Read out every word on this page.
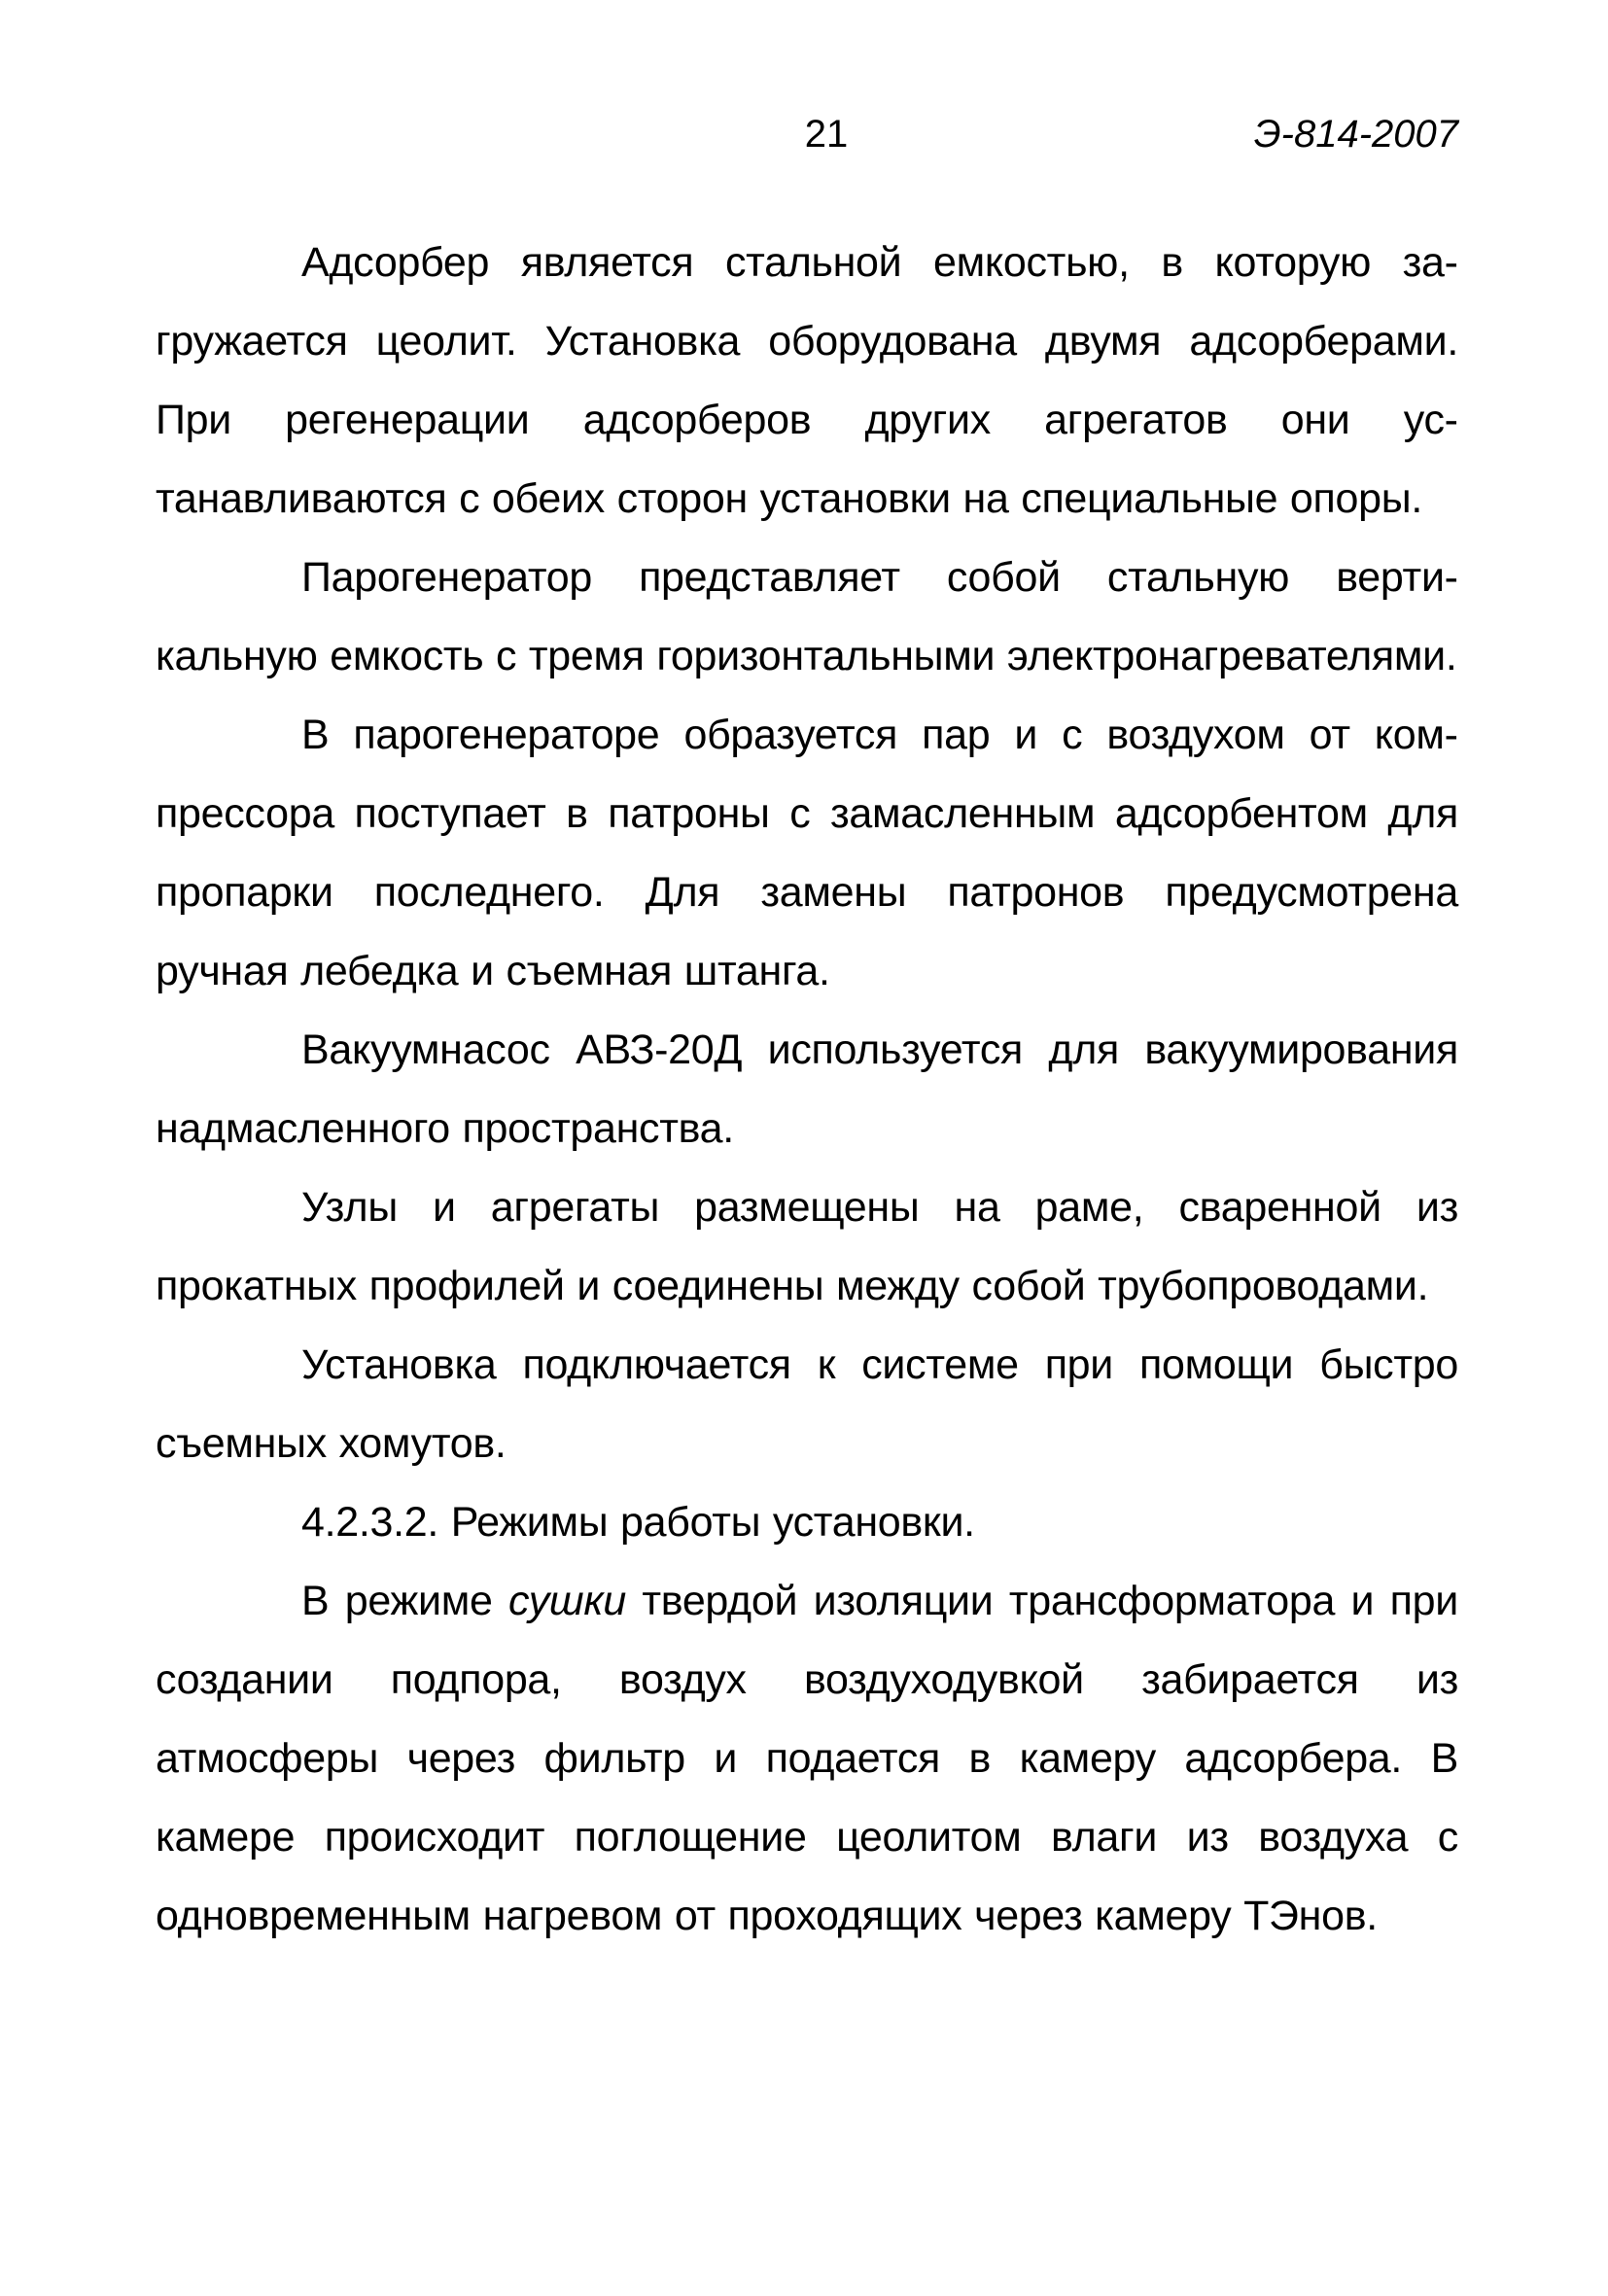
21	Э-814-2007

Адсорбер является стальной емкостью, в которую загружается цеолит. Установка оборудована двумя адсорберами. При регенерации адсорберов других агрегатов они устанавливаются с обеих сторон установки на специальные опоры.

Парогенератор представляет собой стальную вертикальную емкость с тремя горизонтальными электронагревателями.

В парогенераторе образуется пар и с воздухом от компрессора поступает в патроны с замасленным адсорбентом для пропарки последнего. Для замены патронов предусмотрена ручная лебедка и съемная штанга.

Вакуумнасос АВЗ-20Д используется для вакуумирования надмасленного пространства.

Узлы и агрегаты размещены на раме, сваренной из прокатных профилей и соединены между собой трубопроводами.

Установка подключается к системе при помощи быстро съемных хомутов.

4.2.3.2. Режимы работы установки.

В режиме сушки твердой изоляции трансформатора и при создании подпора, воздух воздуходувкой забирается из атмосферы через фильтр и подается в камеру адсорбера. В камере происходит поглощение цеолитом влаги из воздуха с одновременным нагревом от проходящих через камеру ТЭнов.
